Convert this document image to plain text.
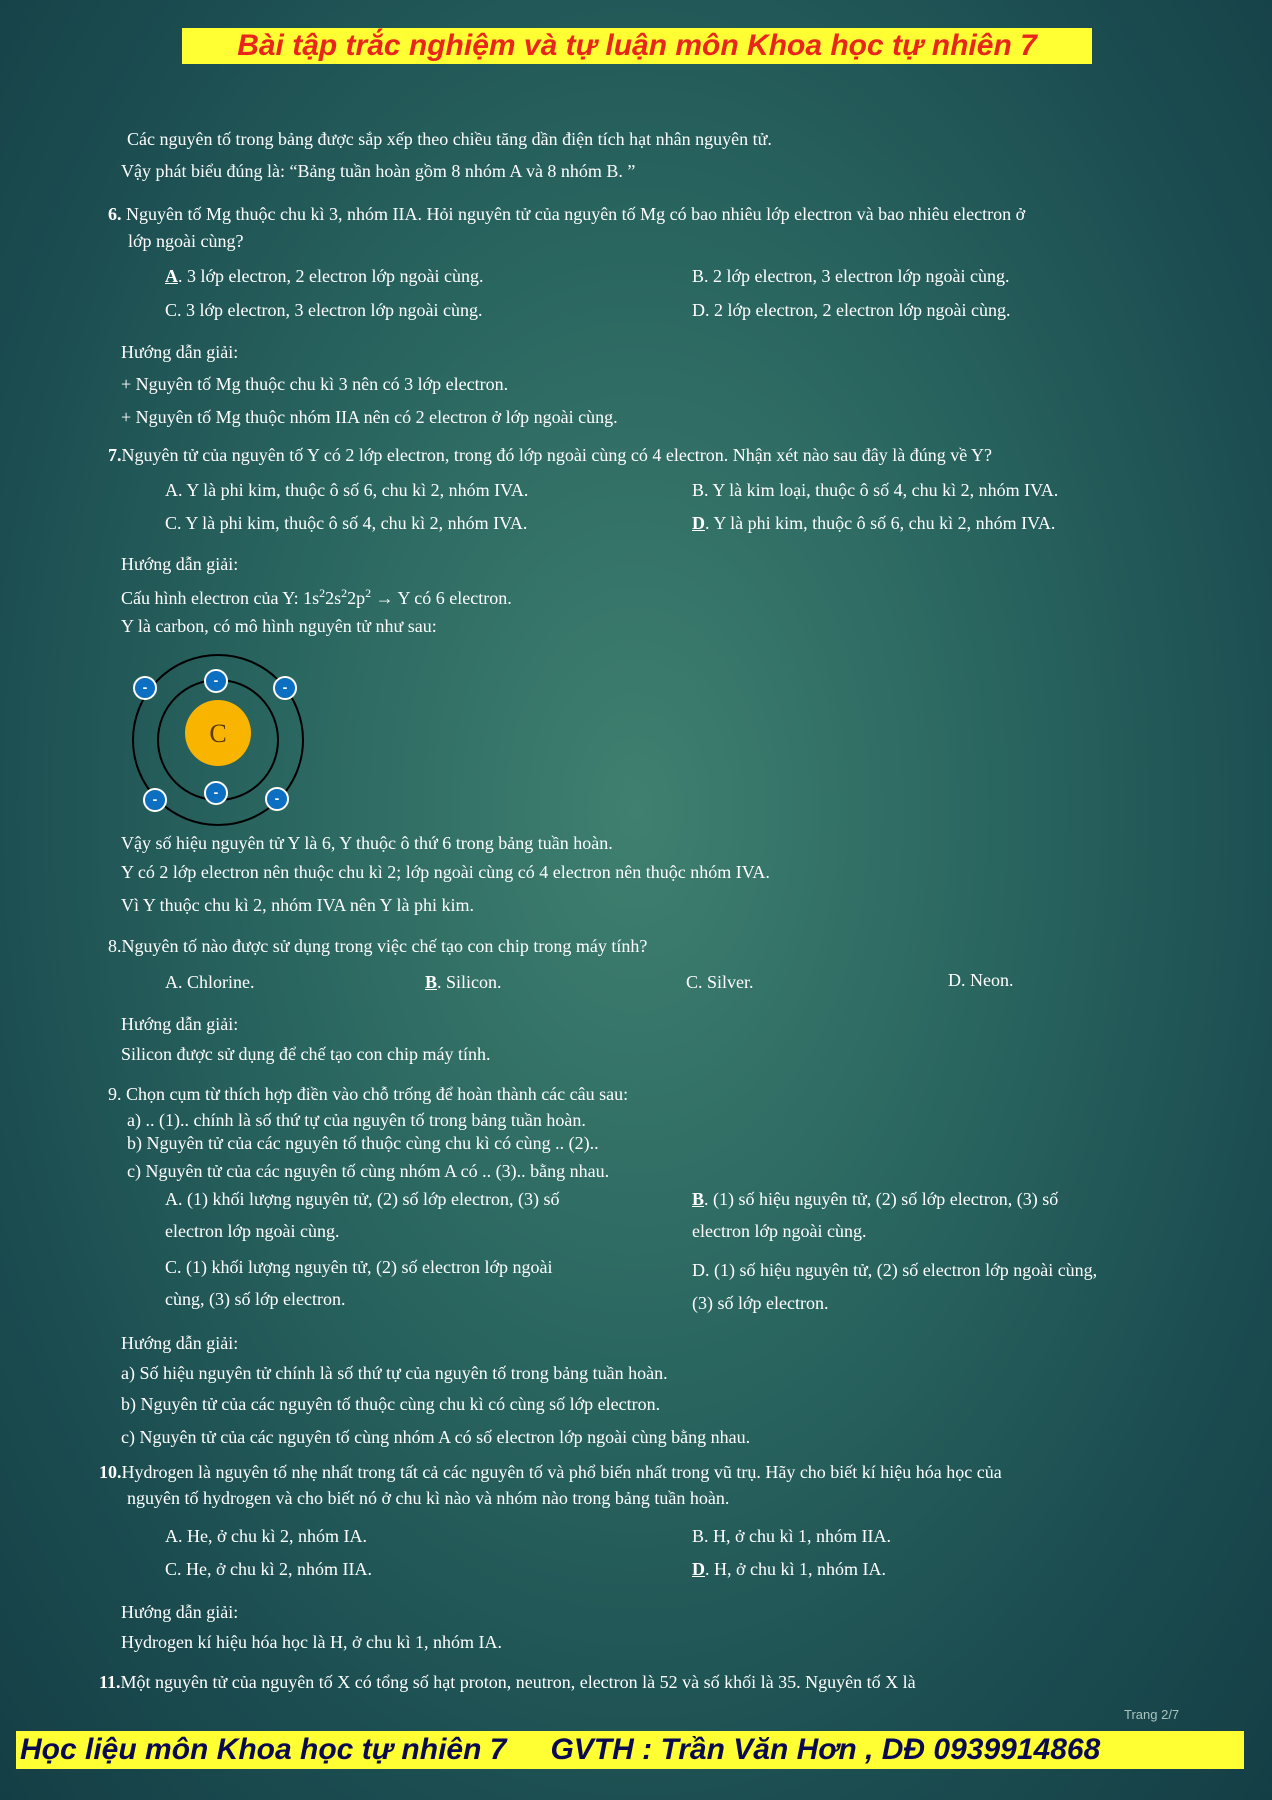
Bài tập trắc nghiệm và tự luận môn Khoa học tự nhiên 7
Các nguyên tố trong bảng được sắp xếp theo chiều tăng dần điện tích hạt nhân nguyên tử.
Vậy phát biểu đúng là: “Bảng tuần hoàn gồm 8 nhóm A và 8 nhóm B. ”
6. Nguyên tố Mg thuộc chu kì 3, nhóm IIA. Hỏi nguyên tử của nguyên tố Mg có bao nhiêu lớp electron và bao nhiêu electron ở
lớp ngoài cùng?
A. 3 lớp electron, 2 electron lớp ngoài cùng.	B. 2 lớp electron, 3 electron lớp ngoài cùng.
C. 3 lớp electron, 3 electron lớp ngoài cùng.	D. 2 lớp electron, 2 electron lớp ngoài cùng.
Hướng dẫn giải:
+ Nguyên tố Mg thuộc chu kì 3 nên có 3 lớp electron.
+ Nguyên tố Mg thuộc nhóm IIA nên có 2 electron ở lớp ngoài cùng.
7.Nguyên tử của nguyên tố Y có 2 lớp electron, trong đó lớp ngoài cùng có 4 electron. Nhận xét nào sau đây là đúng về Y?
A. Y là phi kim, thuộc ô số 6, chu kì 2, nhóm IVA.	B. Y là kim loại, thuộc ô số 4, chu kì 2, nhóm IVA.
C. Y là phi kim, thuộc ô số 4, chu kì 2, nhóm IVA.	D. Y là phi kim, thuộc ô số 6, chu kì 2, nhóm IVA.
Hướng dẫn giải:
Cấu hình electron của Y: $1s^22s^22p^2 \to Y$ có 6 electron.
Y là carbon, có mô hình nguyên tử như sau:
C
-
-
-	-
-	-
Vậy số hiệu nguyên tử Y là 6, Y thuộc ô thứ 6 trong bảng tuần hoàn.
Y có 2 lớp electron nên thuộc chu kì 2; lớp ngoài cùng có 4 electron nên thuộc nhóm IVA.
Vì Y thuộc chu kì 2, nhóm IVA nên Y là phi kim.
8.Nguyên tố nào được sử dụng trong việc chế tạo con chip trong máy tính?
A. Chlorine.	B. Silicon.	C. Silver.	D. Neon.
Hướng dẫn giải:
Silicon được sử dụng để chế tạo con chip máy tính.
9. Chọn cụm từ thích hợp điền vào chỗ trống để hoàn thành các câu sau:
a) .. (1).. chính là số thứ tự của nguyên tố trong bảng tuần hoàn.
b) Nguyên tử của các nguyên tố thuộc cùng chu kì có cùng .. (2)..
c) Nguyên tử của các nguyên tố cùng nhóm A có .. (3).. bằng nhau.
A. (1) khối lượng nguyên tử, (2) số lớp electron, (3) số
electron lớp ngoài cùng.
B. (1) số hiệu nguyên tử, (2) số lớp electron, (3) số
electron lớp ngoài cùng.
C. (1) khối lượng nguyên tử, (2) số electron lớp ngoài
cùng, (3) số lớp electron.
D. (1) số hiệu nguyên tử, (2) số electron lớp ngoài cùng,
(3) số lớp electron.
Hướng dẫn giải:
a) Số hiệu nguyên tử chính là số thứ tự của nguyên tố trong bảng tuần hoàn.
b) Nguyên tử của các nguyên tố thuộc cùng chu kì có cùng số lớp electron.
c) Nguyên tử của các nguyên tố cùng nhóm A có số electron lớp ngoài cùng bằng nhau.
10.Hydrogen là nguyên tố nhẹ nhất trong tất cả các nguyên tố và phổ biến nhất trong vũ trụ. Hãy cho biết kí hiệu hóa học của
nguyên tố hydrogen và cho biết nó ở chu kì nào và nhóm nào trong bảng tuần hoàn.
A. He, ở chu kì 2, nhóm IA.	B. H, ở chu kì 1, nhóm IIA.
C. He, ở chu kì 2, nhóm IIA.	D. H, ở chu kì 1, nhóm IA.
Hướng dẫn giải:
Hydrogen kí hiệu hóa học là H, ở chu kì 1, nhóm IA.
11.Một nguyên tử của nguyên tố X có tổng số hạt proton, neutron, electron là 52 và số khối là 35. Nguyên tố X là
Trang 2/7
Học liệu môn Khoa học tự nhiên 7 GVTH : Trần Văn Hơn , DĐ 0939914868
